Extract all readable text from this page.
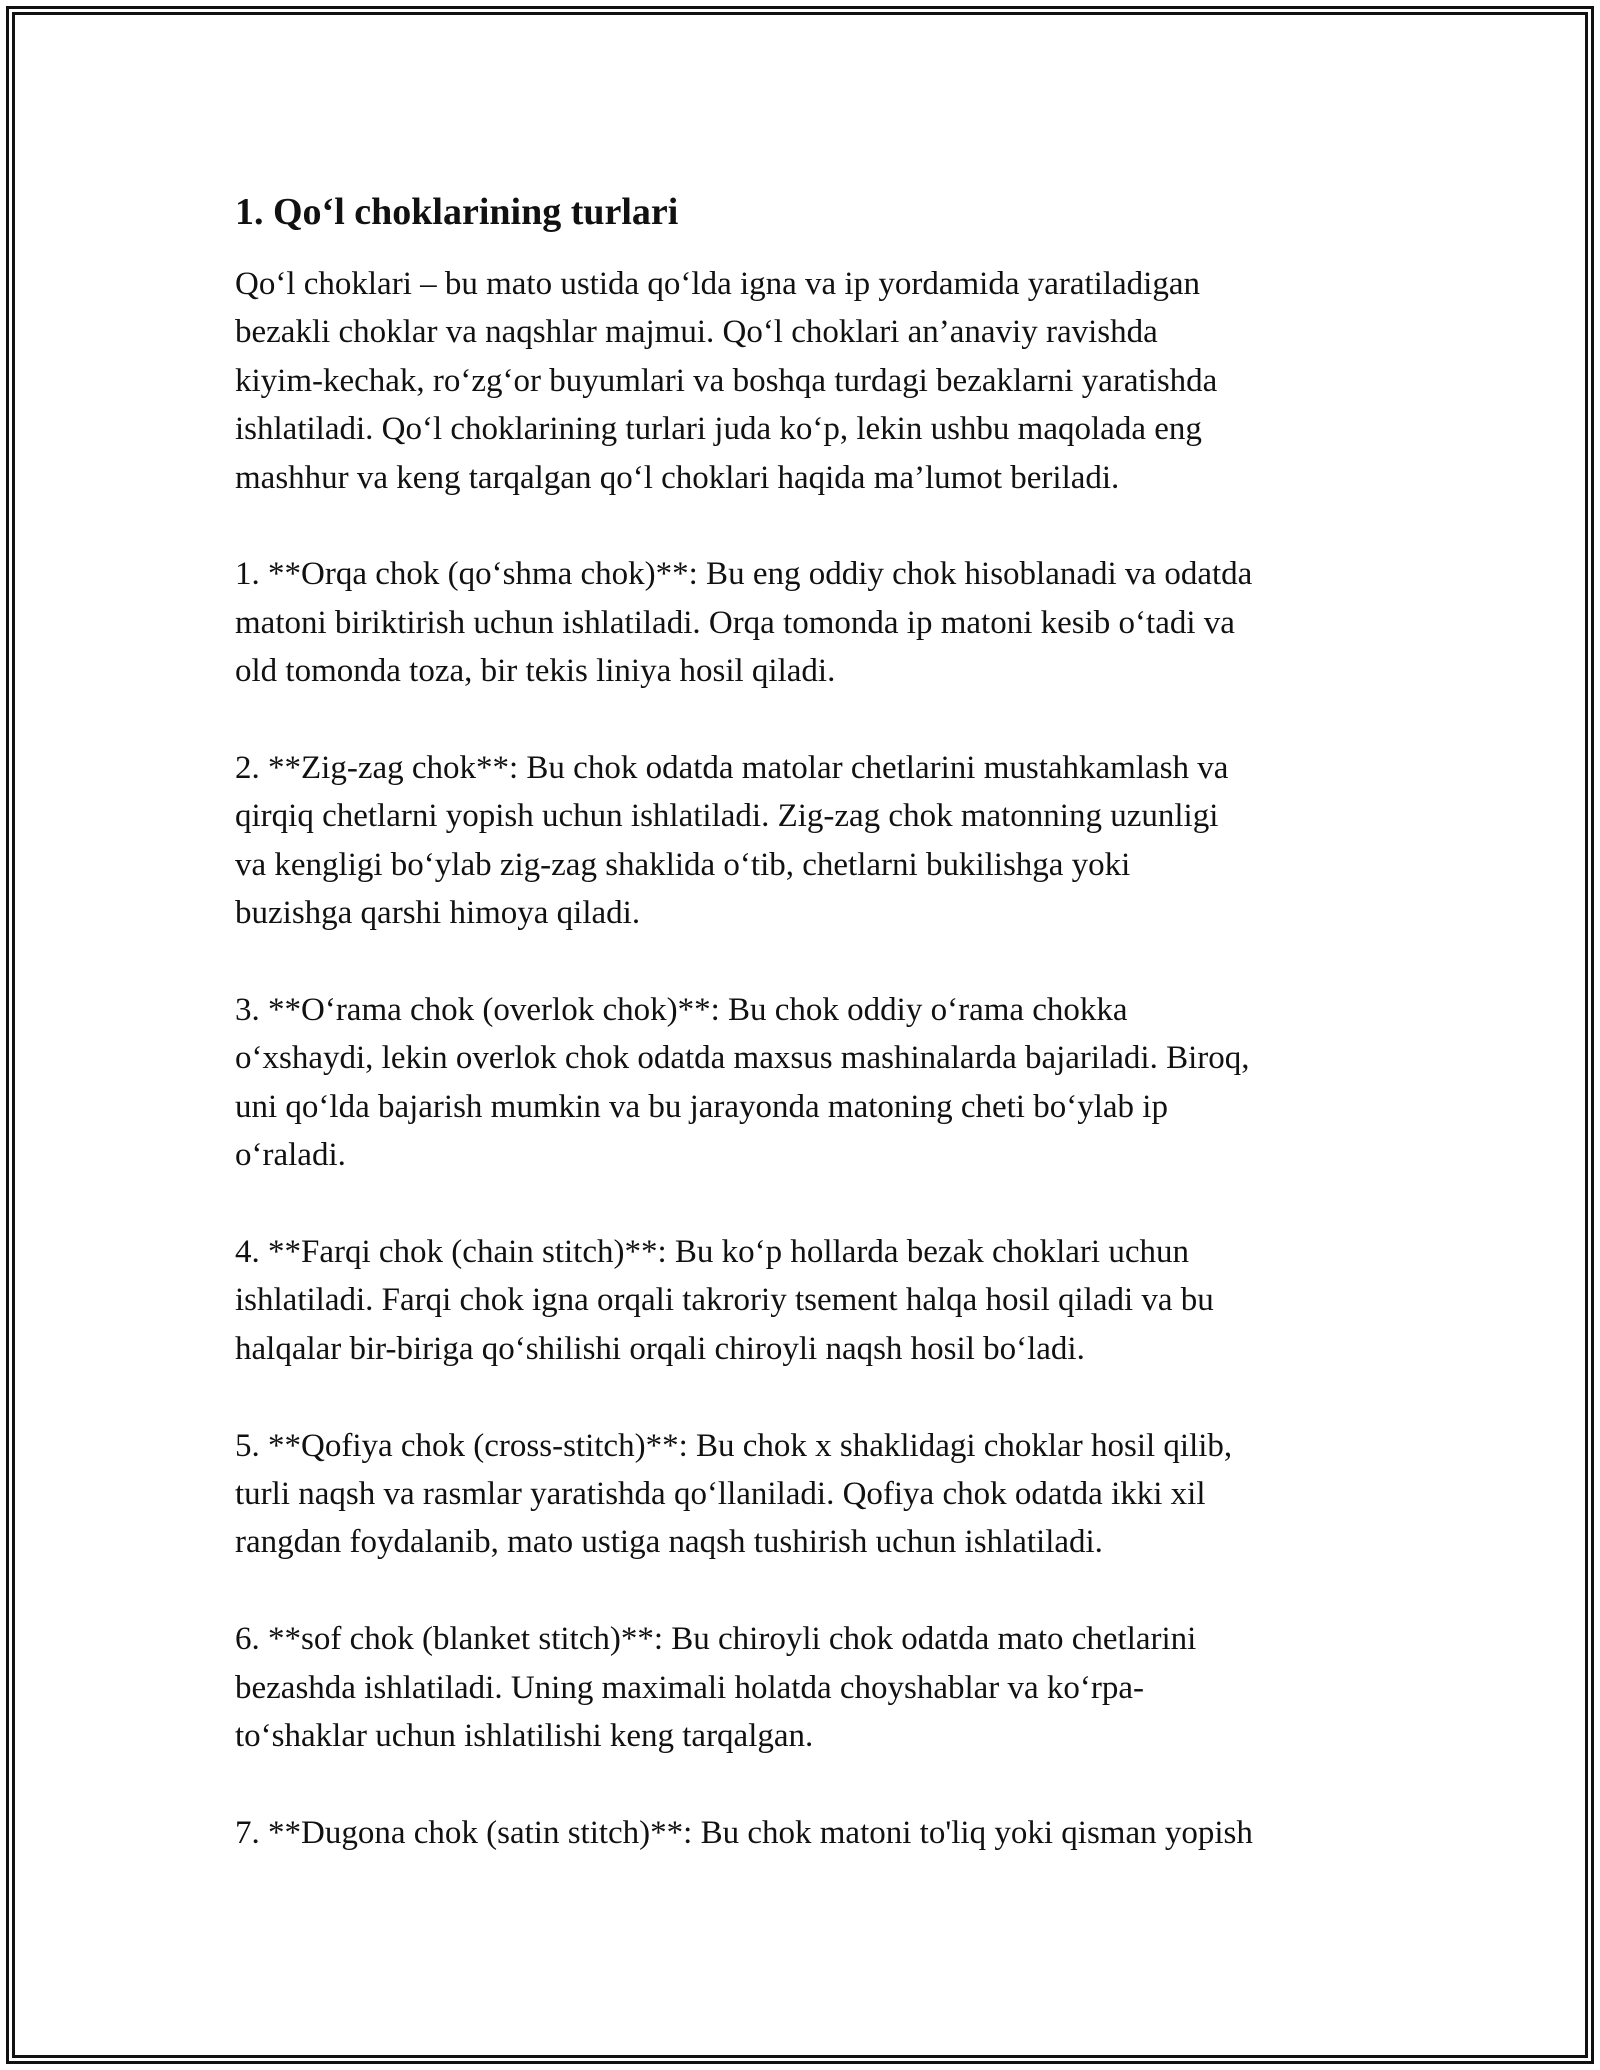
1. Qo‘l choklarining turlari
Qo‘l choklari – bu mato ustida qo‘lda igna va ip yordamida yaratiladigan
bezakli choklar va naqshlar majmui. Qo‘l choklari an’anaviy ravishda
kiyim-kechak, ro‘zg‘or buyumlari va boshqa turdagi bezaklarni yaratishda
ishlatiladi. Qo‘l choklarining turlari juda ko‘p, lekin ushbu maqolada eng
mashhur va keng tarqalgan qo‘l choklari haqida ma’lumot beriladi.
1. **Orqa chok (qo‘shma chok)**: Bu eng oddiy chok hisoblanadi va odatda
matoni biriktirish uchun ishlatiladi. Orqa tomonda ip matoni kesib o‘tadi va
old tomonda toza, bir tekis liniya hosil qiladi.
2. **Zig-zag chok**: Bu chok odatda matolar chetlarini mustahkamlash va
qirqiq chetlarni yopish uchun ishlatiladi. Zig-zag chok matonning uzunligi
va kengligi bo‘ylab zig-zag shaklida o‘tib, chetlarni bukilishga yoki
buzishga qarshi himoya qiladi.
3. **O‘rama chok (overlok chok)**: Bu chok oddiy o‘rama chokka
o‘xshaydi, lekin overlok chok odatda maxsus mashinalarda bajariladi. Biroq,
uni qo‘lda bajarish mumkin va bu jarayonda matoning cheti bo‘ylab ip
o‘raladi.
4. **Farqi chok (chain stitch)**: Bu ko‘p hollarda bezak choklari uchun
ishlatiladi. Farqi chok igna orqali takroriy tsement halqa hosil qiladi va bu
halqalar bir-biriga qo‘shilishi orqali chiroyli naqsh hosil bo‘ladi.
5. **Qofiya chok (cross-stitch)**: Bu chok x shaklidagi choklar hosil qilib,
turli naqsh va rasmlar yaratishda qo‘llaniladi. Qofiya chok odatda ikki xil
rangdan foydalanib, mato ustiga naqsh tushirish uchun ishlatiladi.
6. **sof chok (blanket stitch)**: Bu chiroyli chok odatda mato chetlarini
bezashda ishlatiladi. Uning maximali holatda choyshablar va ko‘rpa-
to‘shaklar uchun ishlatilishi keng tarqalgan.
7. **Dugona chok (satin stitch)**: Bu chok matoni to'liq yoki qisman yopish
